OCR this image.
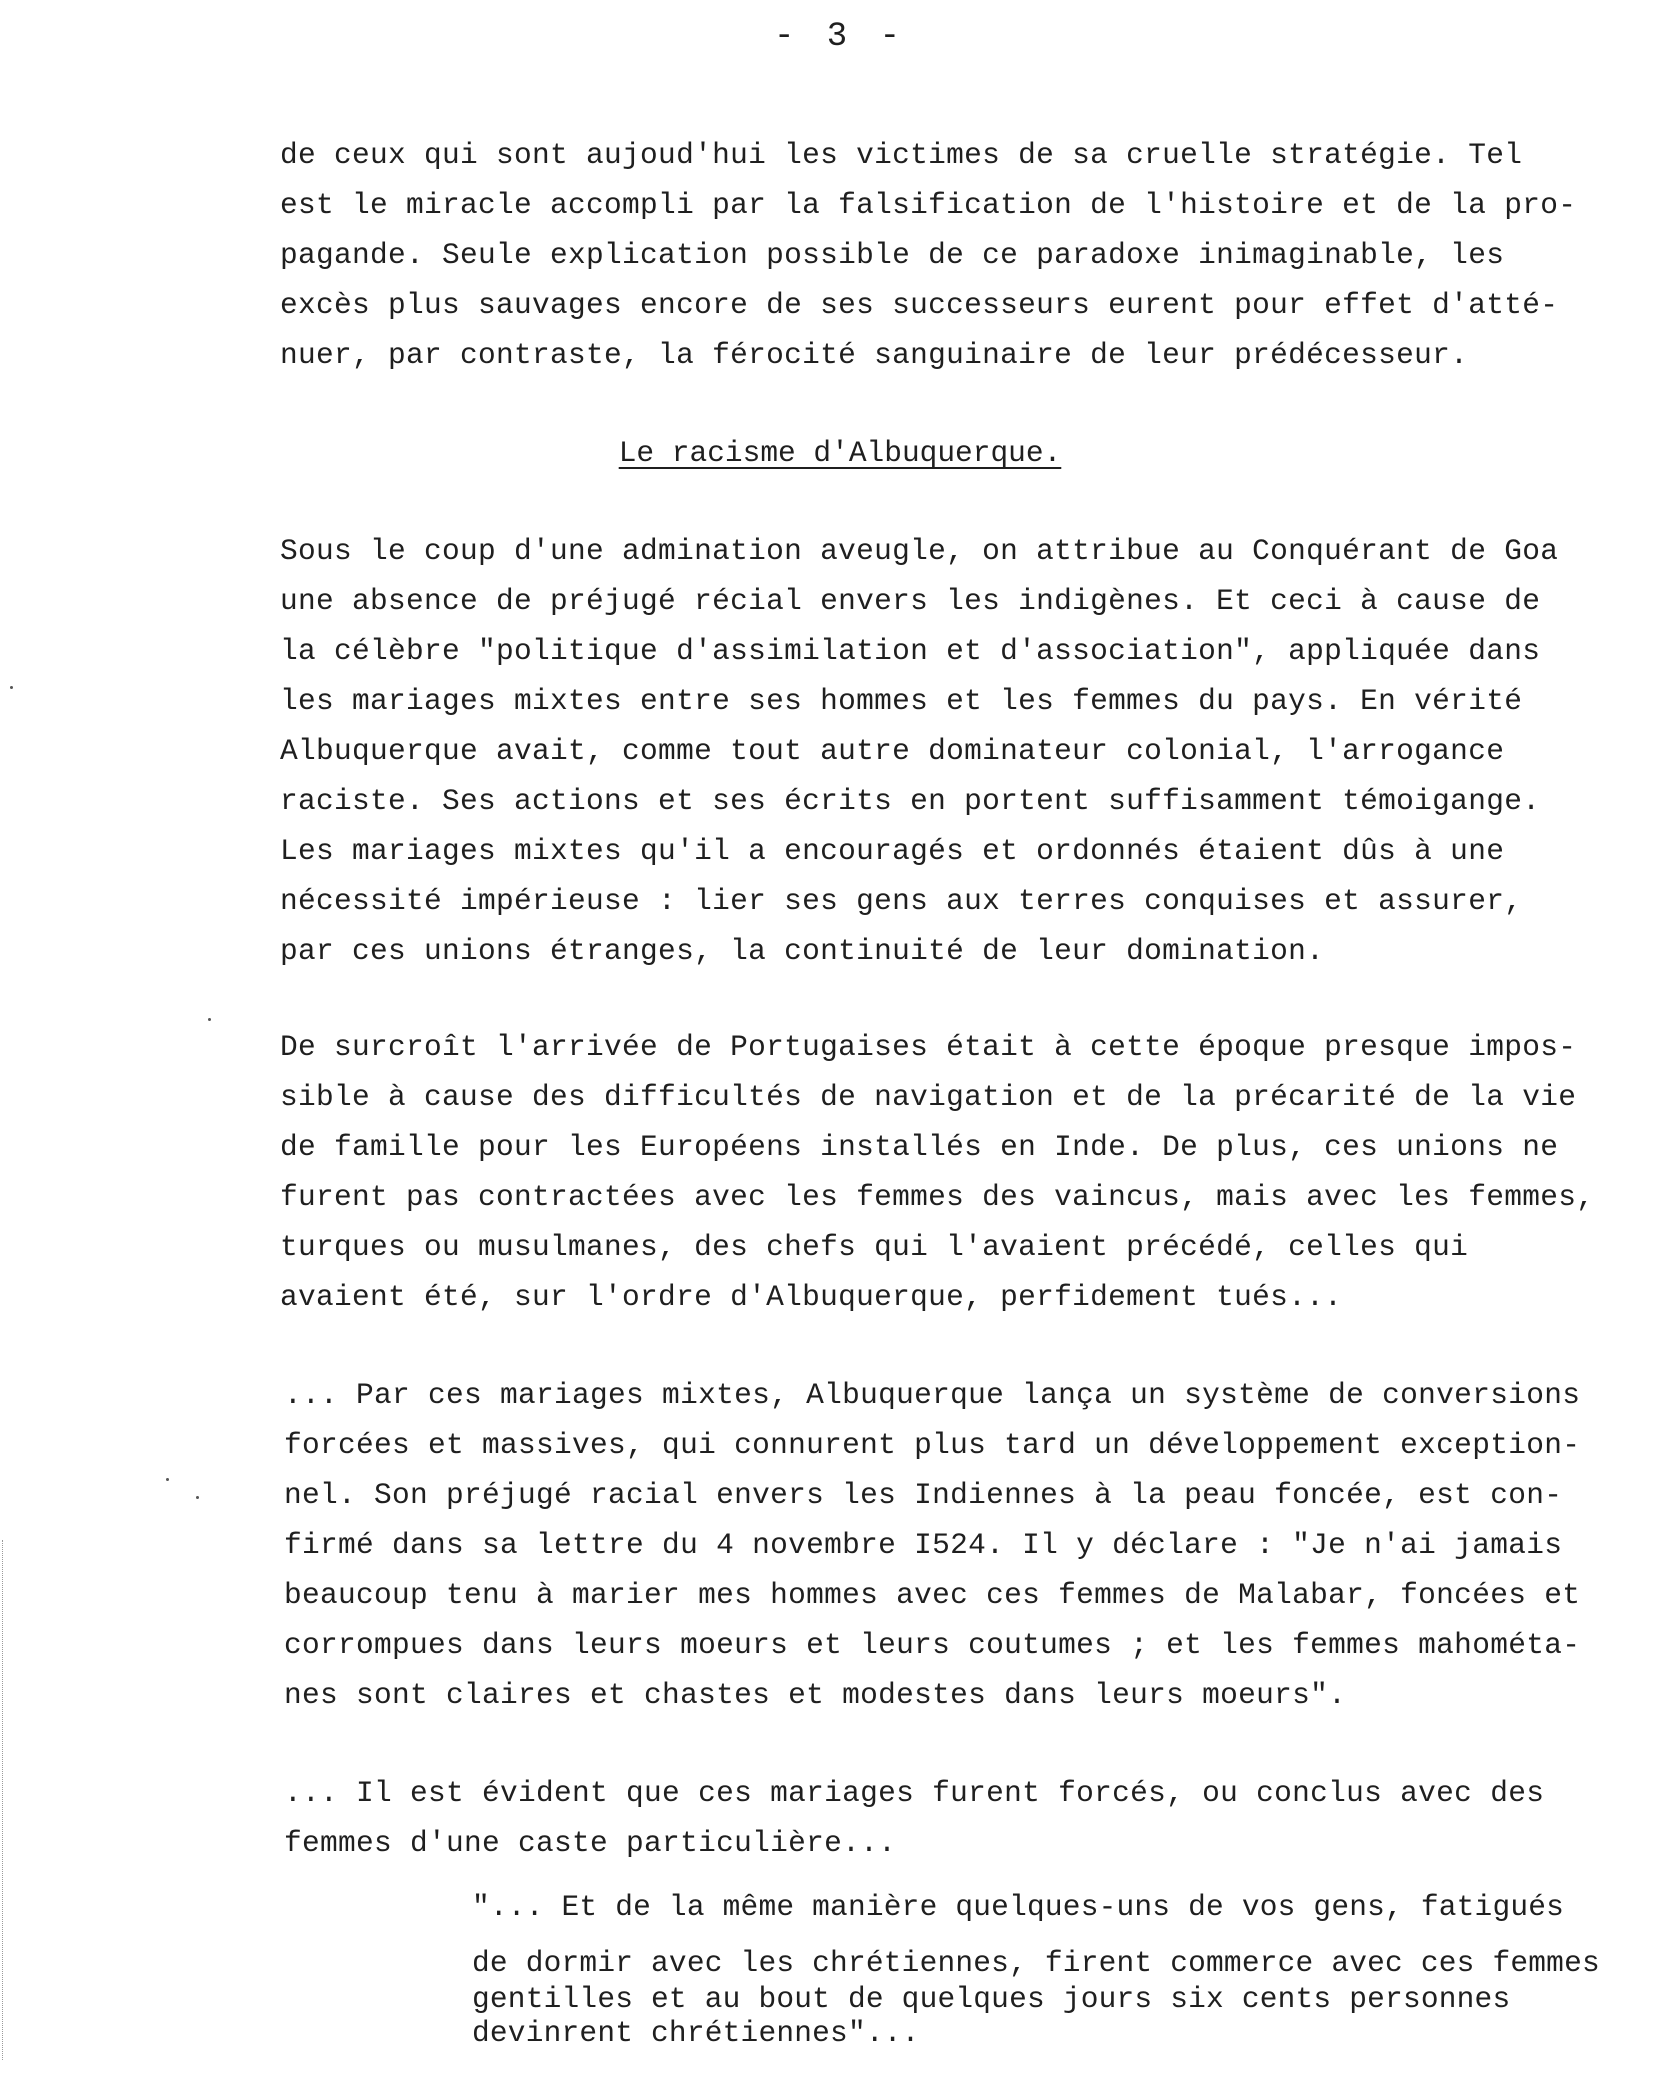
- 3 -
de ceux qui sont aujoud'hui les victimes de sa cruelle stratégie. Tel
est le miracle accompli par la falsification de l'histoire et de la pro-
pagande. Seule explication possible de ce paradoxe inimaginable, les
excès plus sauvages encore de ses successeurs eurent pour effet d'atté-
nuer, par contraste, la férocité sanguinaire de leur prédécesseur.
Le racisme d'Albuquerque.
Sous le coup d'une admination aveugle, on attribue au Conquérant de Goa
une absence de préjugé récial envers les indigènes. Et ceci à cause de
la célèbre "politique d'assimilation et d'association", appliquée dans
les mariages mixtes entre ses hommes et les femmes du pays. En vérité
Albuquerque avait, comme tout autre dominateur colonial, l'arrogance
raciste. Ses actions et ses écrits en portent suffisamment témoigange.
Les mariages mixtes qu'il a encouragés et ordonnés étaient dûs à une
nécessité impérieuse : lier ses gens aux terres conquises et assurer,
par ces unions étranges, la continuité de leur domination.
De surcroît l'arrivée de Portugaises était à cette époque presque impos-
sible à cause des difficultés de navigation et de la précarité de la vie
de famille pour les Européens installés en Inde. De plus, ces unions ne
furent pas contractées avec les femmes des vaincus, mais avec les femmes,
turques ou musulmanes, des chefs qui l'avaient précédé, celles qui
avaient été, sur l'ordre d'Albuquerque, perfidement tués...
... Par ces mariages mixtes, Albuquerque lança un système de conversions
forcées et massives, qui connurent plus tard un développement exception-
nel. Son préjugé racial envers les Indiennes à la peau foncée, est con-
firmé dans sa lettre du 4 novembre I524. Il y déclare : "Je n'ai jamais
beaucoup tenu à marier mes hommes avec ces femmes de Malabar, foncées et
corrompues dans leurs moeurs et leurs coutumes ; et les femmes mahométa-
nes sont claires et chastes et modestes dans leurs moeurs".
... Il est évident que ces mariages furent forcés, ou conclus avec des
femmes d'une caste particulière...
"... Et de la même manière quelques-uns de vos gens, fatigués
de dormir avec les chrétiennes, firent commerce avec ces femmes
gentilles et au bout de quelques jours six cents personnes
devinrent chrétiennes"...
